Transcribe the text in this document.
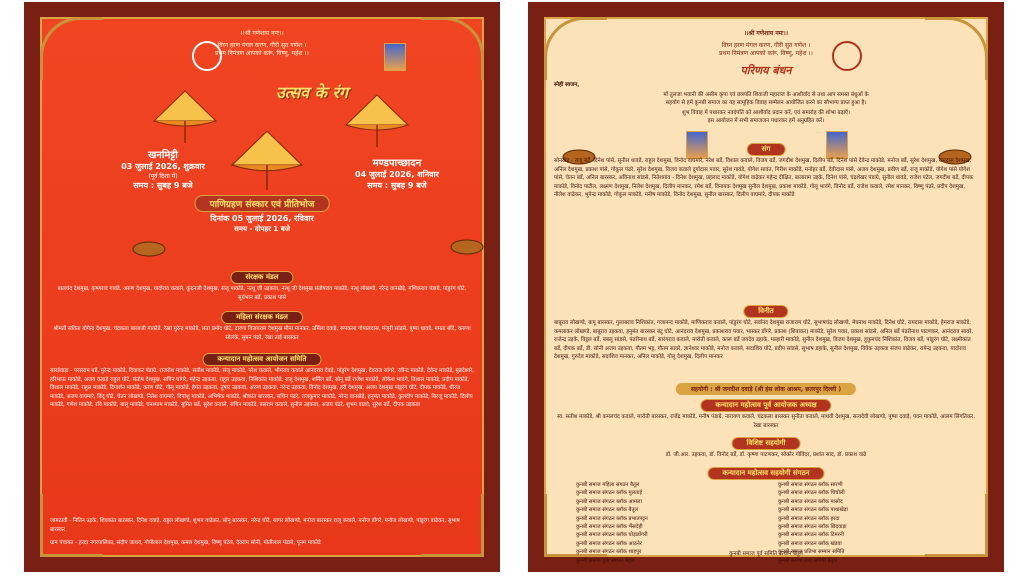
।।श्री गणेशाय नमः।।
विघ्न हरण मंगल करण, गौरी सुत गणेश ।
प्रथम निमंत्रण आपको करूं, विष्णु, महेश ।।
उत्सव के रंग
खनमिट्टी
03 जुलाई 2026, शुक्रवार
(पूर्व दिशा में)
समय : सुबह 9 बजे
मण्डपाच्छादन
04 जुलाई 2026, शनिवार
समय : सुबह 9 बजे
पाणिग्रहण संस्कार एवं प्रीतिभोज
दिनांक 05 जुलाई 2026, रविवार
समय - दोपहर 1 बजे
संरक्षक मंडल
बालचंद देशमुख, कृष्णराव गावंडे, अरुण देशमुख, यादोराव कवाले, कुंदनजी देशमुख, संजू माकोडे, नत्थू जी उइकवा, नत्थू जी देशमुख संतोषराव माकोडे, नत्थू लोखण्डे, नरेन्द्र वानखेड़े, मणिकराव पंडाग्रे, पांडुरंग घोटे, सूर्यभान बर्डे, प्रकाश पांसे
महिला संरक्षक मंडल
श्रीमती सविता योगेन्द्र देशमुख, चंद्रकला बालाजी माकोडे, रेखा मुरेन्द्र माकोडे, लता प्रमोद घोटे, दारणा विजयराम देशमुख मीना मानकर, उर्मिला दवाड़े, रूपकला गोपालदास, मंजूरी सांडसे, पुष्पा धावडे, ममता बोंदे, करुणा सोलंके, सुमन पंढरे, रेखा ताई बारस्कर
कन्यादान महोत्सव आयोजन समिति
सारईवाड़ा - परसराम बर्डे, मुरेन्द्र माकोडे, दिवाकर पंडाग्रे, राजरोश माकोडे, सतीश माकोडे, संजू माकोडे, नरेश कवाले, भीमराव कवाले आनंदराव देवड़े, पांडुरंग देशमुख, देवराज सांगरे, रवीन्द्र माकोडे, देवेन्द्र माकोडे, मुन्नदेश्वरे, हरिभाऊ माकोडे, अजय कहाड़े राहुल घोटे, संतोष देशमुख, सचिन घांगरे, महेन्द्र उइकवा, राहुल उइकवा, निशिकांत माकोडे, राजू देशमुख, शर्मिल बर्डे, सोनू बर्डे राजेश माकोडे, लोकेश भावंगे, विशाल माकोडे, प्रदीप माकोडे, विशाल माकोडे, राहुल माकोडे, दिग्दर्शन माकोडे, करण घोटे, गोलू माकोडे, हेमंत उइकवा, तुषार उइकवा, अरुण उइकवा, नरेन्द्र उइकवा, विनोद देशमुख, हरी देशमुख, अजय देशमुख पांडुरंग घोटे, दीपक माकोडे, धीरज माकोडे, अजय वाघमारे, बिंदू घोटे, चेतन लोखण्डे, नितेश वाघमारे, दिपांशु माकोडे, अभिषेक माकोडे, श्रीकांत बारस्कर, सचिन पंढरे, राजकुमार माकोडे, नरेन्द्र वानखेड़े, हनुमंत माकोडे, कुलदीप माकोडे, बिरजू माकोडे, दिलीप माकोडे, गणेश माकोडे, रवि माकोडे, बालू माकोडे, घनश्याम माकोडे, सुमित बर्डे, सुरेश कवाले, सचिन माकोडे, बलराम कवाले, सुनील उइकवा, अजय पंढरे, शुभम वाडवे, सुरेश बर्डे, दीपक उइकवा
जामठावी - नितिन उइके, शिवकांत बारस्कर, दिनेश दवाड़े, राहुल लोखण्डे, शुभम वाढेकर, सोनू बारस्कर, नरेन्द्र घोटे, सागर लोखण्डे, मनोज बारस्कर राजू कवाले, मनोज डोंगरे, मनोज लोखण्डे, पांडुरंग वाढेकर, सुभाष बारस्कर
ग्राम पंचायत - हरदा नगरपालिका, संदीप जाधव, गोपीलाल देशमुख, कमल देशमुख, विष्णु पटेल, देवराम सोनी, मोतीलाल पंडाग्रे, पूनम माकोडे
।।श्री गणेशाय नमः।।
विघ्न हरण मंगल करण, गौरी सुत गणेश ।
प्रथम निमंत्रण आपको करूं, विष्णु, महेश ।।
परिणय बंधन
स्नेही स्वजन,
माँ तुलजा भवानी की असीम कृपा एवं छत्रपति शिवाजी महाराज के आशीर्वाद से तथा आप समस्त बंधुओं के
सहयोग से हमें कुनबी समाज का यह सामूहिक विवाह सम्मेलन आयोजित करने का सौभाग्य प्राप्त हुआ है।
शुभ विवाह में पधारकर नवदंपति को आशीर्वाद प्रदान करें, एवं समारोह की शोभा बढ़ाएँ।
इस आयोजन में सभी समाजजन पधारकर हमें अनुग्रहित करें।
संग
सोनखेड़ - राजू बर्डे, दिनेश पांसे, सुनील धावडे, राहुल देशमुख, विनोद वाघमारे, नरेश बर्डे, विशाल कवाले, विजय बर्डे, जगदीश देशमुख, दिलीप बर्डे, दिनेश पांसे देवेन्द्र माकोडे, मनोज बर्डे, सुरेश देशमुख, रामदास देशमुख, अनिल देशमुख, प्रकाश पांसे, गोकुल पंढरे, सुरेश देशमुख, विजय कवाले दुर्गादास पवार, सुरेश गावंडे, योगेश सावंत, गिरीश माकोडे, मनोहर बर्डे, देवीदास पांसे, अजय देशमुख, प्रवीण बर्डे, राजू माकोडे, योगेश पांसे योगेश पांसे, चेतन बर्डे, अनिल बारस्कर, अविनाश सांडसे, नितेशग़ांव - दिनेश देशमुख, प्रहलाद माकोडे, योगेश वाढेकर महेन्द्र दीक्षित, बालाराम उइके, दिनेश पांसे, चंद्रशेखर पंडाग्रे, सुनील धावडे, राजेश पटेल, जगदीश बर्डे, दीपक माकोडे, विनोद पाटील, लक्ष्मण देशमुख, निलेश देशमुख, दिलीप मानकर, रमेश बर्डे, विनायक देशमुख सुनील देशमुख, प्रकाश माकोडे, गोलू भावंगे, विनोद बर्डे, राजेश कवाले, रमेश मानकर, विष्णु पंढरे, प्रदीप देशमुख, नीलेश वाढेकर, भूपेन्द्र माकोडे, गोकुल माकोडे, मनीष माकोडे, विनोद देशमुख, सुनील बारस्कर, दिलीप वाघमारे, दीपक माकोडे
विनीत
बाबूराव लोखण्डे, बापू बारस्कर, गुलाबराव निशिकांत, गजानन्द माकोडे, माणिकराव कवाले, पांडुरंग घोटे, सर्वानंद देशमुख राजाराम घोटे, सुभाषचंद्र लोखण्डे, मेघनाथ माकोडे, दिनेश घोटे, रामदास माकोडे, हेमराज माकोडे, कमलाकर लोखण्डे, बाबूराव उइकवा, हनुमंत बारस्कर बंटू घोटे, आनंदराव देशमुख, प्रकाशराव पवार, भास्कर डोंगरे, प्रकाश (शिवाकर) माकोडे, सुरेश पवार, प्रकाश सांडसे, अनिल बर्डे पंढरीनाथ पाटणकर, आनंदराव सावरे, राजेन्द्र उइके, विट्ठल बर्डे, बबलू सांडसे, पंढरीनाथ बर्डे, सारंगराव कवाले, मारोती कवाले, कारू बर्डे जयदेव डहाके, मल्हारी माकोडे, सुनील देशमुख, विजय देशमुख, हुकुमचंद निशिकांत, विजय बर्डे, पांडुरंग घोटे, लक्ष्मीकांत बर्डे, दीपक बर्डे, डी. सोनी अजय उइकवा, गौतम भट्ट, गौतम सावरे, ज्ञानेश्वर माकोडे, मनोज कवाले, सदाशिव घोटे, प्रदीप सांडसे, सुभाष डहाके, सुनील देशमुख, विवेक उइकवा संजय वाढेकर, रामेन्द्र उइकवा, यादोराव देशमुख, गुरुदेव माकोडे, सदाशिव मानकर, अनिल माकोडे, गोलू देशमुख, दिलीप मानकर
सहयोगी : श्री जगदीश दवाड़े (श्री हंस लोक आश्रम, छतरपुर दिल्ली )
कन्यादान महोत्सव पूर्व आयोजक अध्यक्ष
स्व. सतीश माकोडे, श्री कमलचंद कवाले, मारोती बारस्कर, राजेंद्र माकोडे, मनीष पंडाग्रे, नारायण कवाले, चंद्रकला बारस्कर सुनीता कवाले, माधवी देशमुख, सत्यदेवी लोखण्डे, पुष्पा दवाड़े, पवन माकोडे, आलम लिंगतिकर, रेखा बारस्कर
विशिष्ट सहयोगी
डॉ. जी.आर. उइकवा, डॉ. विनोद बर्डे, डॉ. कृष्णा पाटणकर, सोकोर गोविंदर, प्रशांत साद, डॉ. प्रकाश वाढे
कन्यादान महोत्सव सहयोगी संगठन
कुनबी समाज महिला संगठन बैतूल
कुनबी समाज संगठन ब्लॉक मुलताई
कुनबी समाज संगठन ब्लॉक आमला
कुनबी समाज संगठन ब्लॉक बैतूल
कुनबी समाज संगठन ब्लॉक प्रभातपट्टन
कुनबी समाज संगठन ब्लॉक भैंसदेही
कुनबी समाज संगठन ब्लॉक घोड़ाडोंगरी
कुनबी समाज संगठन ब्लॉक आठनेर
कुनबी समाज संगठन ब्लॉक शाहपुर
कुनबी समाज युवा संगठन बैतूल
कुनबी समाज संगठन ब्लॉक सारणी
कुनबी समाज संगठन ब्लॉक चिचोली
कुनबी समाज संगठन ब्लॉक मासोद
कुनबी समाज संगठन ब्लॉक पाथाखेड़ा
कुनबी समाज संगठन ब्लॉक हरदा
कुनबी समाज संगठन ब्लॉक छिंदवाड़ा
कुनबी समाज संगठन ब्लॉक टिमरनी
कुनबी समाज संगठन ब्लॉक खंडवा
कुनबी समाज प्रतिभा सम्मान समिति
कुनबी समाज सेवा समिति बैतूल
कुनबी समाज पूर्व समिति उत्थान बैतूल
